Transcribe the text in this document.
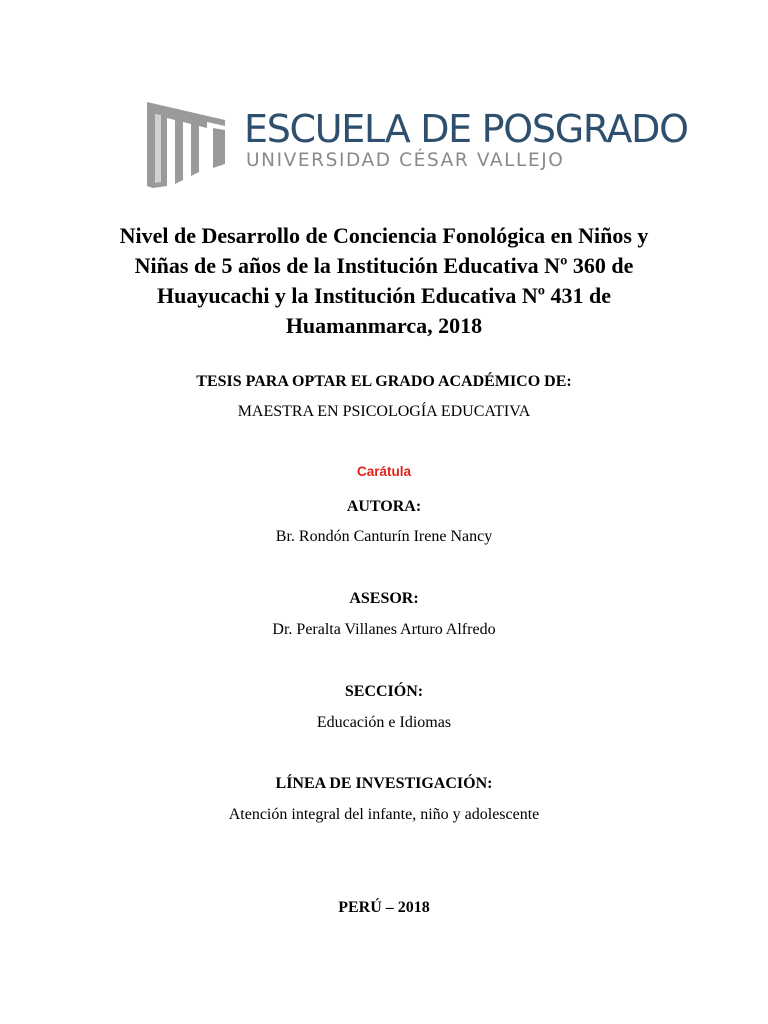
ESCUELA DE POSGRADO
UNIVERSIDAD CÉSAR VALLEJO
Nivel de Desarrollo de Conciencia Fonológica en Niños y
Niñas de 5 años de la Institución Educativa Nº 360 de
Huayucachi y la Institución Educativa Nº 431 de
Huamanmarca, 2018
TESIS PARA OPTAR EL GRADO ACADÉMICO DE:
MAESTRA EN PSICOLOGÍA EDUCATIVA
Carátula
AUTORA:
Br. Rondón Canturín Irene Nancy
ASESOR:
Dr. Peralta Villanes Arturo Alfredo
SECCIÓN:
Educación e Idiomas
LÍNEA DE INVESTIGACIÓN:
Atención integral del infante, niño y adolescente
PERÚ – 2018
